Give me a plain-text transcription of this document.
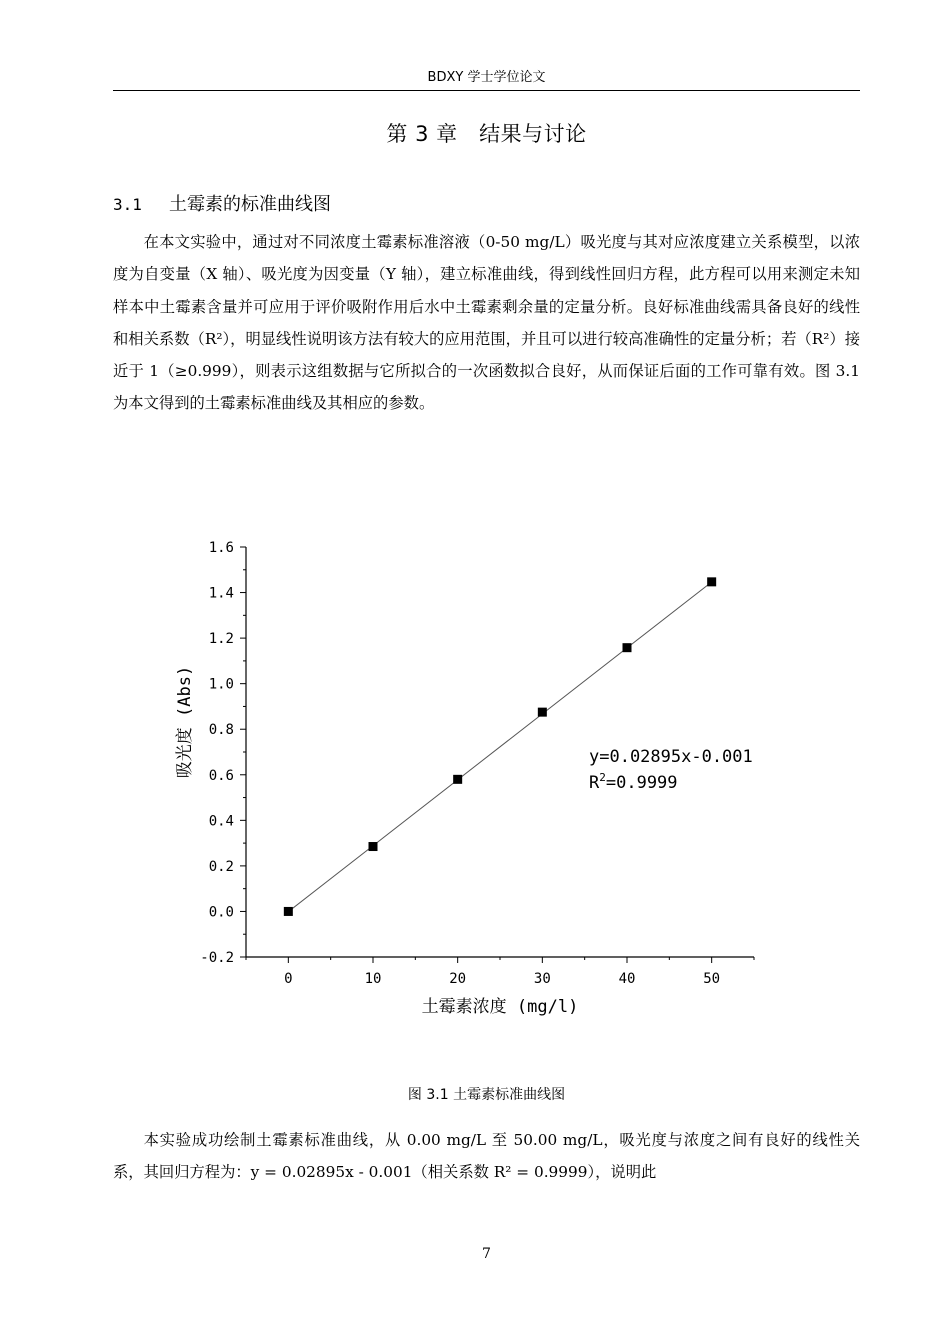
BDXY 学士学位论文
第 3 章　结果与讨论
3.1 土霉素的标准曲线图

在本文实验中，通过对不同浓度土霉素标准溶液（0-50 mg/L）吸光度与其对应浓度建立关系模型，以浓度为自变量（X 轴）、吸光度为因变量（Y 轴），建立标准曲线，得到线性回归方程，此方程可以用来测定未知样本中土霉素含量并可应用于评价吸附作用后水中土霉素剩余量的定量分析。良好标准曲线需具备良好的线性和相关系数（R²），明显线性说明该方法有较大的应用范围，并且可以进行较高准确性的定量分析；若（R²）接近于 1（≥0.999），则表示这组数据与它所拟合的一次函数拟合良好，从而保证后面的工作可靠有效。图 3.1 为本文得到的土霉素标准曲线及其相应的参数。

-0.2
0.0
0.2
0.4
0.6
0.8
1.0
1.2
1.4
1.6
0	10	20	30	40	50
土霉素浓度 (mg/l)
吸光度 (Abs)	y=0.02895x-0.001
$R^2=0.9999$
图 3.1 土霉素标准曲线图

本实验成功绘制土霉素标准曲线，从 0.00 mg/L 至 50.00 mg/L，吸光度与浓度之间有良好的线性关系，其回归方程为：y = 0.02895x - 0.001（相关系数 R² = 0.9999），说明此

7
